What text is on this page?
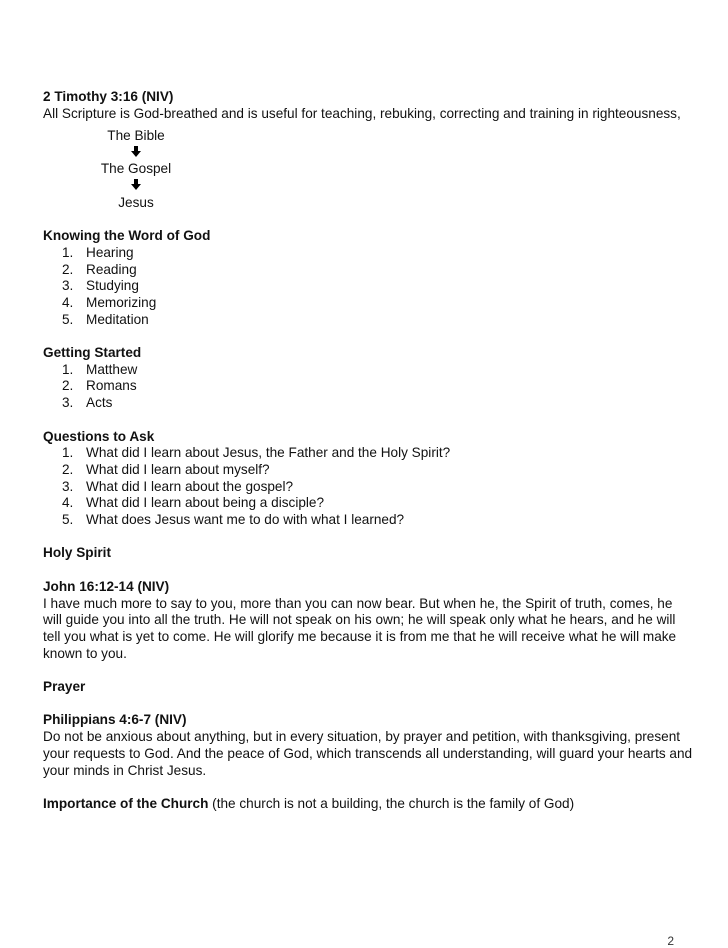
2 Timothy 3:16 (NIV)
All Scripture is God-breathed and is useful for teaching, rebuking, correcting and training in righteousness,
The Bible
The Gospel
Jesus
Knowing the Word of God
1. Hearing
2. Reading
3. Studying
4. Memorizing
5. Meditation
Getting Started
1. Matthew
2. Romans
3. Acts
Questions to Ask
1. What did I learn about Jesus, the Father and the Holy Spirit?
2. What did I learn about myself?
3. What did I learn about the gospel?
4. What did I learn about being a disciple?
5. What does Jesus want me to do with what I learned?
Holy Spirit
John 16:12-14 (NIV)
I have much more to say to you, more than you can now bear. But when he, the Spirit of truth, comes, he will guide you into all the truth. He will not speak on his own; he will speak only what he hears, and he will tell you what is yet to come. He will glorify me because it is from me that he will receive what he will make known to you.
Prayer
Philippians 4:6-7 (NIV)
Do not be anxious about anything, but in every situation, by prayer and petition, with thanksgiving, present your requests to God. And the peace of God, which transcends all understanding, will guard your hearts and your minds in Christ Jesus.
Importance of the Church (the church is not a building, the church is the family of God)
2
